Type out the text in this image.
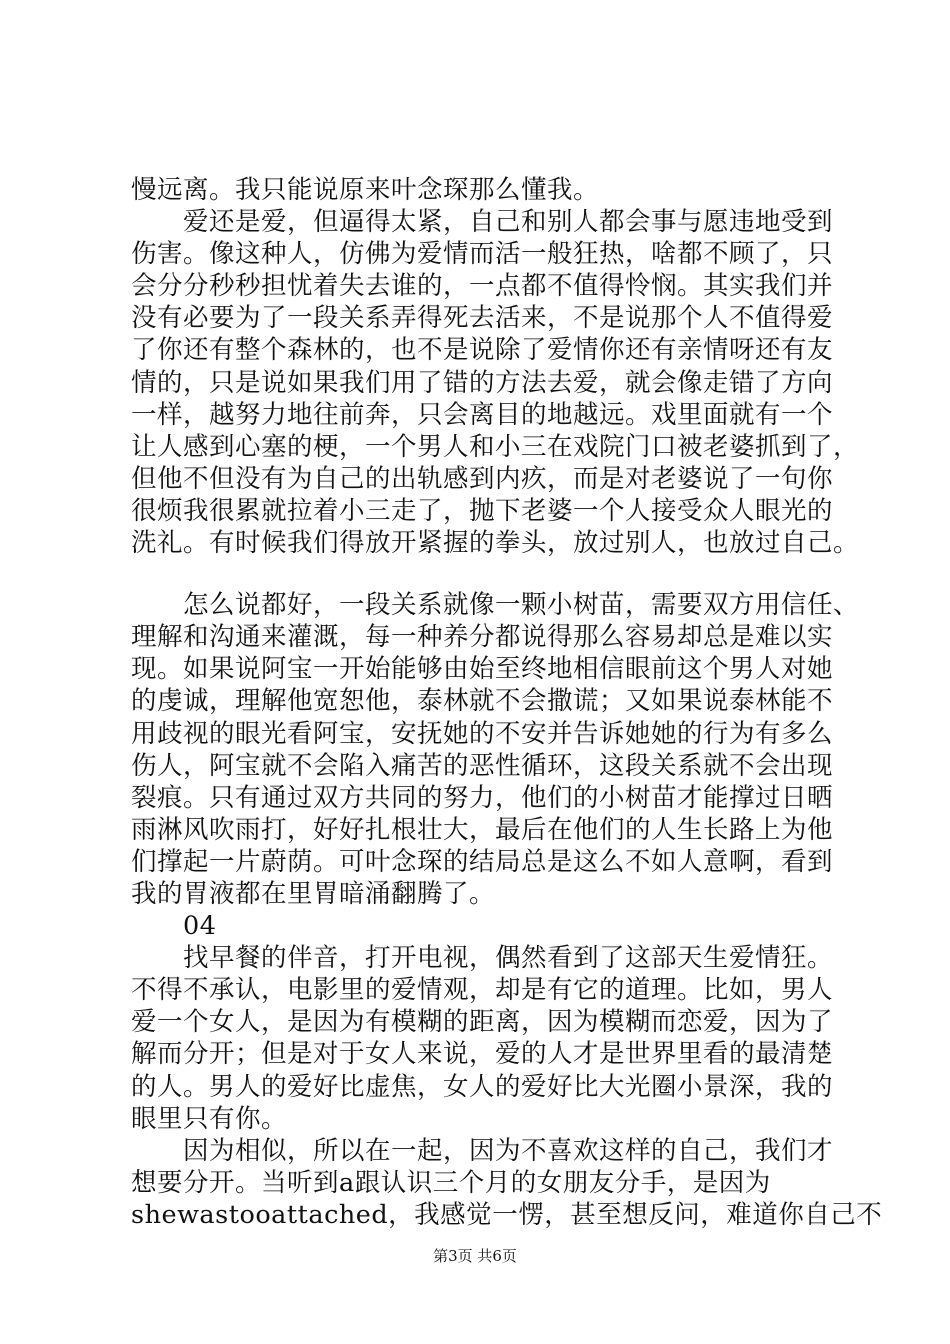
慢远离。我只能说原来叶念琛那么懂我。
　　爱还是爱，但逼得太紧，自己和别人都会事与愿违地受到
伤害。像这种人，仿佛为爱情而活一般狂热，啥都不顾了，只
会分分秒秒担忧着失去谁的，一点都不值得怜悯。其实我们并
没有必要为了一段关系弄得死去活来，不是说那个人不值得爱
了你还有整个森林的，也不是说除了爱情你还有亲情呀还有友
情的，只是说如果我们用了错的方法去爱，就会像走错了方向
一样，越努力地往前奔，只会离目的地越远。戏里面就有一个
让人感到心塞的梗，一个男人和小三在戏院门口被老婆抓到了，
但他不但没有为自己的出轨感到内疚，而是对老婆说了一句你
很烦我很累就拉着小三走了，抛下老婆一个人接受众人眼光的
洗礼。有时候我们得放开紧握的拳头，放过别人，也放过自己。
　　怎么说都好，一段关系就像一颗小树苗，需要双方用信任、
理解和沟通来灌溉，每一种养分都说得那么容易却总是难以实
现。如果说阿宝一开始能够由始至终地相信眼前这个男人对她
的虔诚，理解他宽恕他，泰林就不会撒谎；又如果说泰林能不
用歧视的眼光看阿宝，安抚她的不安并告诉她她的行为有多么
伤人，阿宝就不会陷入痛苦的恶性循环，这段关系就不会出现
裂痕。只有通过双方共同的努力，他们的小树苗才能撑过日晒
雨淋风吹雨打，好好扎根壮大，最后在他们的人生长路上为他
们撑起一片蔚荫。可叶念琛的结局总是这么不如人意啊，看到
我的胃液都在里胃暗涌翻腾了。
　　04
　　找早餐的伴音，打开电视，偶然看到了这部天生爱情狂。
不得不承认，电影里的爱情观，却是有它的道理。比如，男人
爱一个女人，是因为有模糊的距离，因为模糊而恋爱，因为了
解而分开；但是对于女人来说，爱的人才是世界里看的最清楚
的人。男人的爱好比虚焦，女人的爱好比大光圈小景深，我的
眼里只有你。
　　因为相似，所以在一起，因为不喜欢这样的自己，我们才
想要分开。当听到a跟认识三个月的女朋友分手，是因为
shewastooattached，我感觉一愣，甚至想反问，难道你自己不
第3页 共6页
